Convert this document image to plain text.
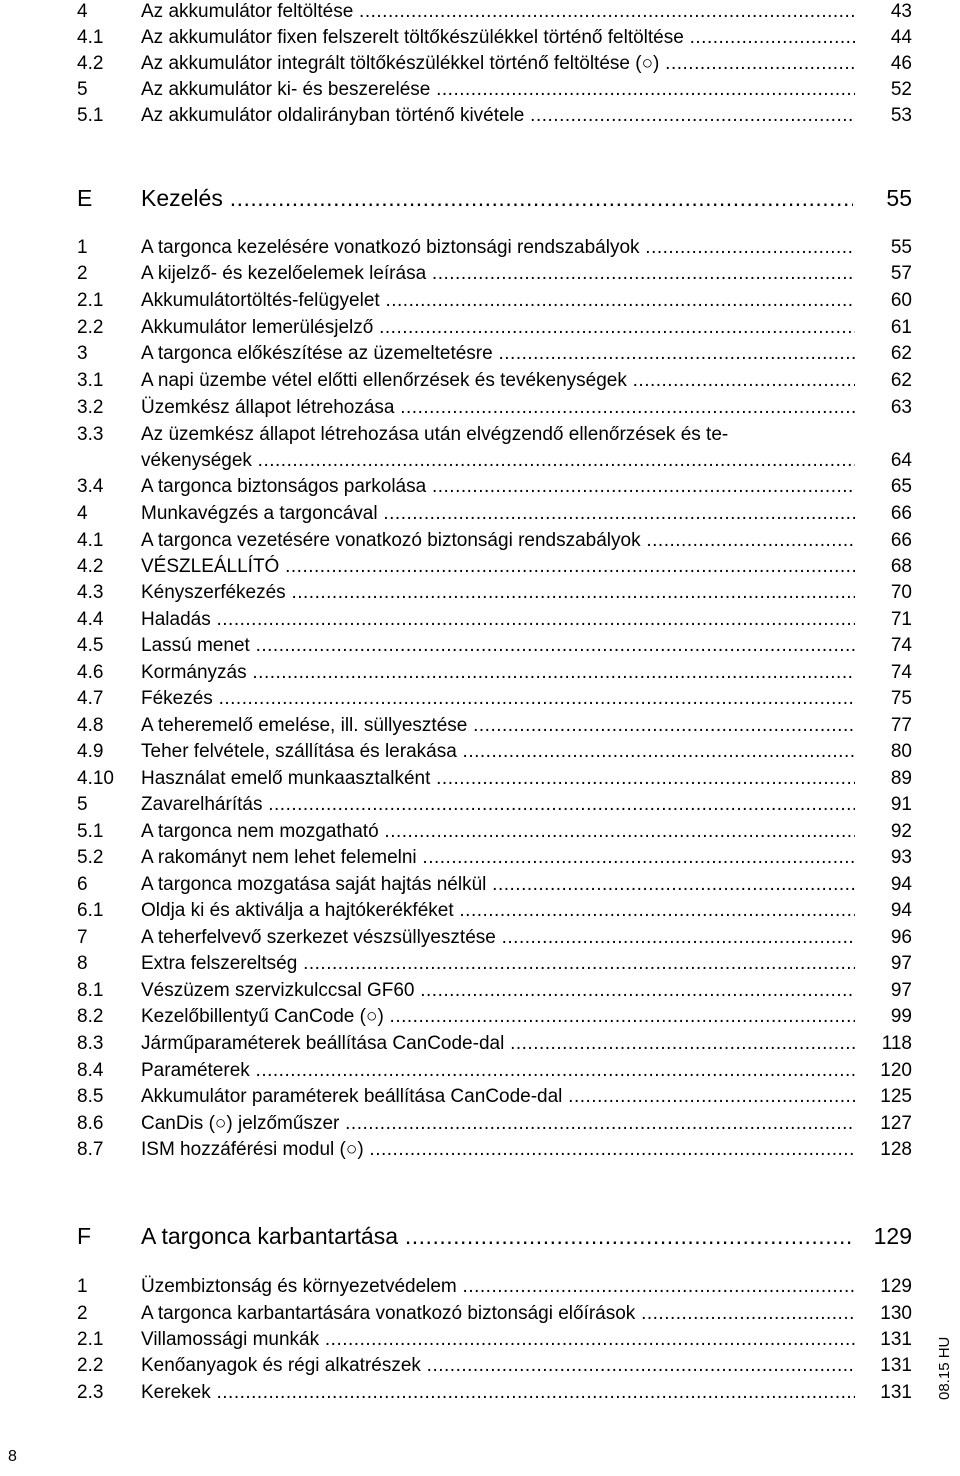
4	Az akkumulátor feltöltése .....	43
4.1 Az akkumulátor fixen felszerelt töltőkészülékkel történő feltöltése .....	44
4.2 Az akkumulátor integrált töltőkészülékkel történő feltöltése (○) .....	46
5	Az akkumulátor ki- és beszerelése .....	52
5.1 Az akkumulátor oldalirányban történő kivétele .....	53
E Kezelés .....	55
1	A targonca kezelésére vonatkozó biztonsági rendszabályok .....	55
2	A kijelző- és kezelőelemek leírása .....	57
2.1 Akkumulátortöltés-felügyelet .....	60
2.2 Akkumulátor lemerülésjelző .....	61
3	A targonca előkészítése az üzemeltetésre .....	62
3.1 A napi üzembe vétel előtti ellenőrzések és tevékenységek .....	62
3.2 Üzemkész állapot létrehozása .....	63
3.3 Az üzemkész állapot létrehozása után elvégzendő ellenőrzések és te-
vékenységek .....	64
3.4 A targonca biztonságos parkolása .....	65
4	Munkavégzés a targoncával .....	66
4.1 A targonca vezetésére vonatkozó biztonsági rendszabályok .....	66
4.2 VÉSZLEÁLLÍTÓ .....	68
4.3 Kényszerfékezés .....	70
4.4 Haladás .....	71
4.5 Lassú menet .....	74
4.6 Kormányzás .....	74
4.7 Fékezés .....	75
4.8 A teheremelő emelése, ill. süllyesztése .....	77
4.9 Teher felvétele, szállítása és lerakása .....	80
4.10 Használat emelő munkaasztalként .....	89
5	Zavarelhárítás .....	91
5.1 A targonca nem mozgatható .....	92
5.2 A rakományt nem lehet felemelni .....	93
6	A targonca mozgatása saját hajtás nélkül .....	94
6.1 Oldja ki és aktiválja a hajtókerékféket .....	94
7	A teherfelvevő szerkezet vészsüllyesztése .....	96
8	Extra felszereltség .....	97
8.1 Vészüzem szervizkulccsal GF60 .....	97
8.2 Kezelőbillentyű CanCode (○) .....	99
8.3 Járműparaméterek beállítása CanCode-dal .....	118
8.4 Paraméterek .....	120
8.5 Akkumulátor paraméterek beállítása CanCode-dal .....	125
8.6 CanDis (○) jelzőműszer .....	127
8.7 ISM hozzáférési modul (○) .....	128
F A targonca karbantartása .....	129
1	Üzembiztonság és környezetvédelem .....	129
2	A targonca karbantartására vonatkozó biztonsági előírások .....	130
2.1 Villamossági munkák .....	131
2.2 Kenőanyagok és régi alkatrészek .....	131
2.3 Kerekek .....	131 08.15 HU
8
